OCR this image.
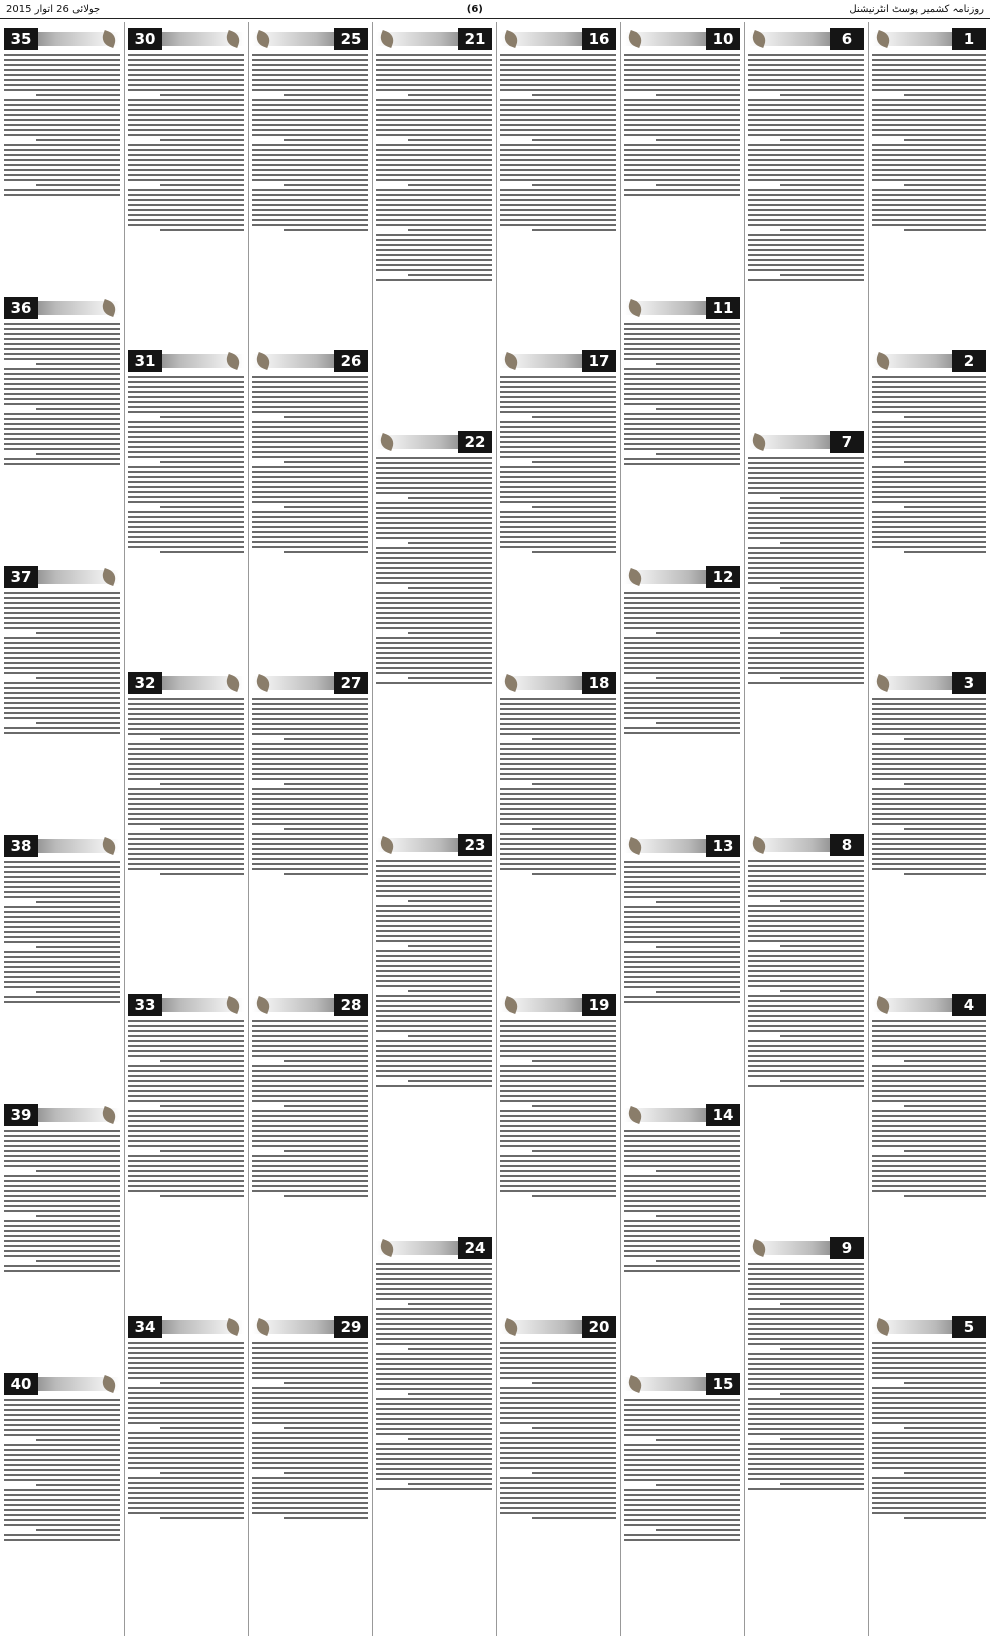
2015 جولائی 26 اتوار	(6)	روزنامہ کشمیر پوسٹ انٹرنیشنل
1
2
3
4
5
6
7
8
9
10
11
12
13
14
15
16
17
18
19
20
21
22
23
24
25
26
27
28
29
30
31
32
33
34
35
36
37
38
39
40
